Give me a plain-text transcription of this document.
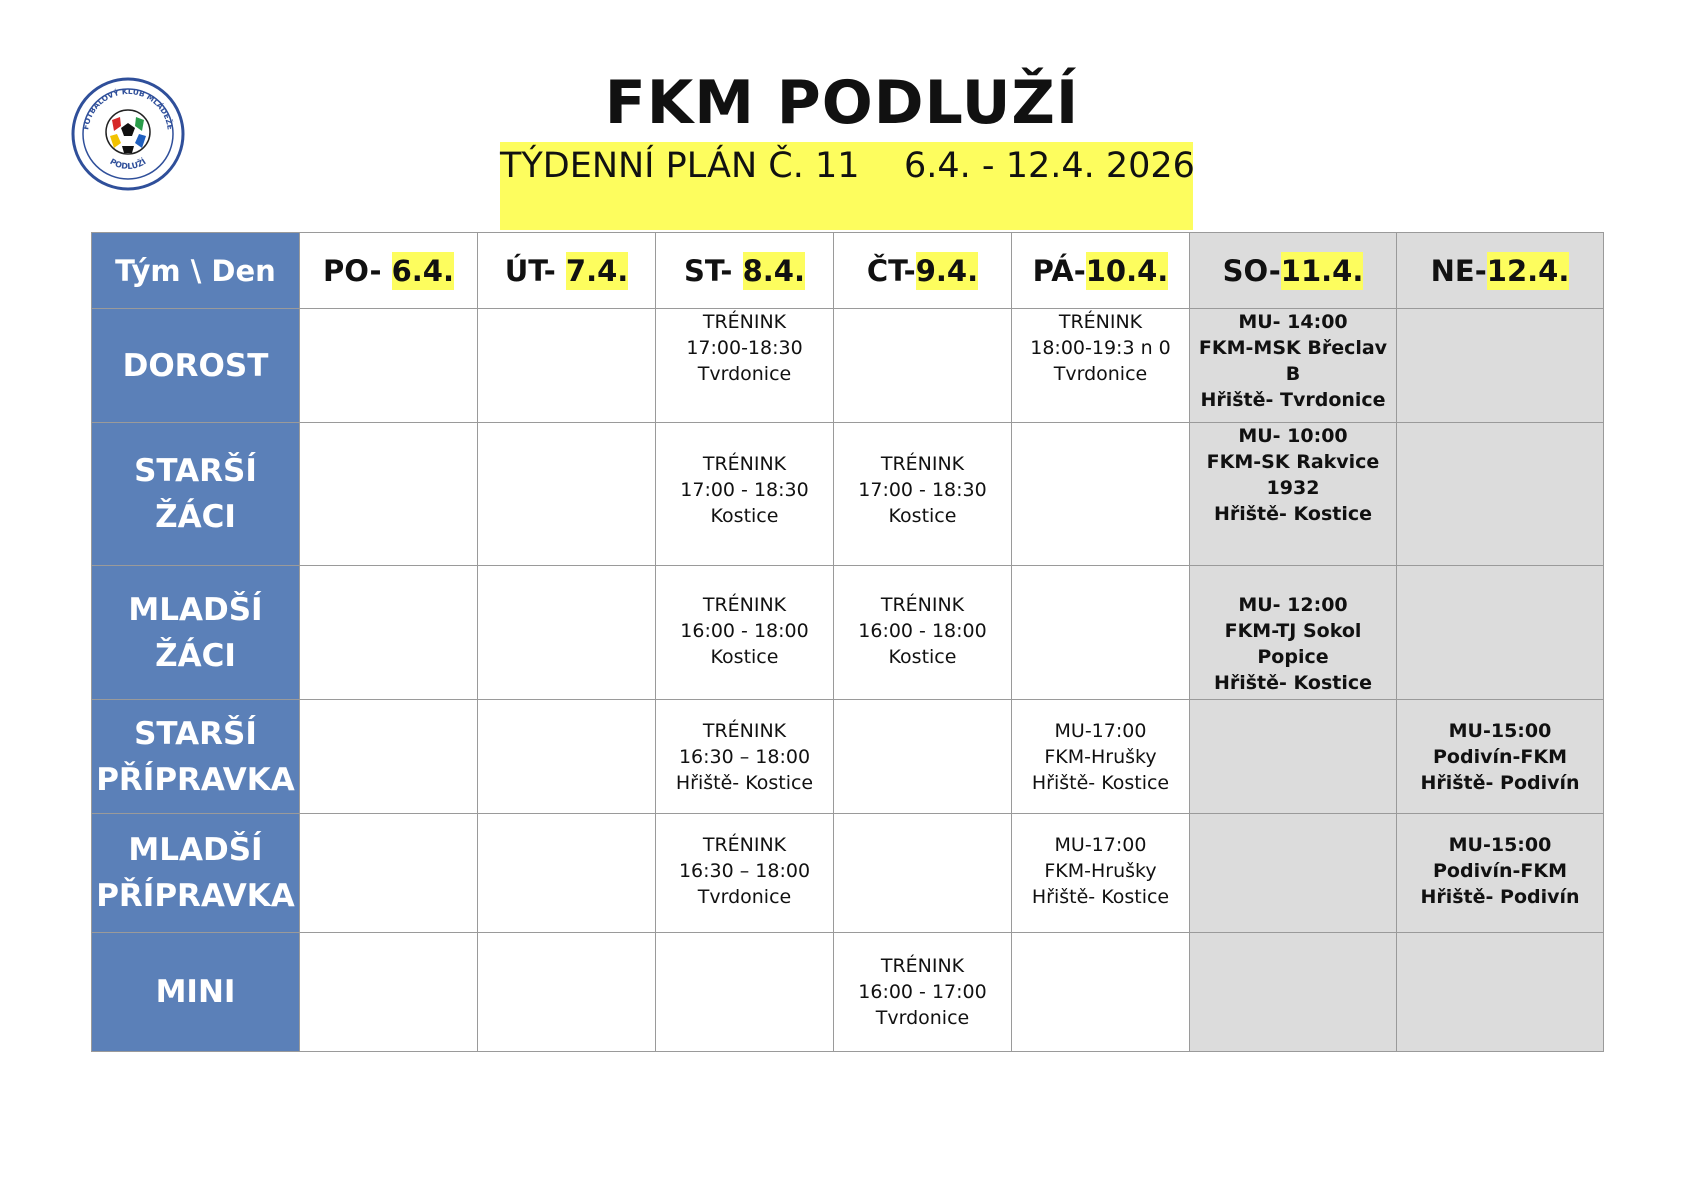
FOTBALOVÝ KLUB MLÁDEŽE
PODLUŽÍ
FKM PODLUŽÍ
TÝDENNÍ PLÁN Č. 11    6.4. - 12.4. 2026
Tým \ Den	PO- 6.4.	ÚT- 7.4.	ST- 8.4.	ČT-9.4.	PÁ-10.4.	SO-11.4.	NE-12.4.
DOROST			TRÉNINK
17:00-18:30
Tvrdonice		TRÉNINK
18:00-19:3 n 0
Tvrdonice	MU- 14:00
FKM-MSK Břeclav B
Hřiště- Tvrdonice	

STARŠÍ
ŽÁCI			TRÉNINK
17:00 - 18:30
Kostice	TRÉNINK
17:00 - 18:30
Kostice		MU- 10:00
FKM-SK Rakvice
1932
Hřiště- Kostice	

MLADŠÍ
ŽÁCI			TRÉNINK
16:00 - 18:00
Kostice	TRÉNINK
16:00 - 18:00
Kostice		MU- 12:00
FKM-TJ Sokol Popice
Hřiště- Kostice	

STARŠÍ
PŘÍPRAVKA			TRÉNINK
16:30 – 18:00
Hřiště- Kostice		MU-17:00
FKM-Hrušky
Hřiště- Kostice		MU-15:00
Podivín-FKM
Hřiště- Podivín

MLADŠÍ
PŘÍPRAVKA			TRÉNINK
16:30 – 18:00
Tvrdonice		MU-17:00
FKM-Hrušky
Hřiště- Kostice		MU-15:00
Podivín-FKM
Hřiště- Podivín

MINI				TRÉNINK
16:00 - 17:00
Tvrdonice			
